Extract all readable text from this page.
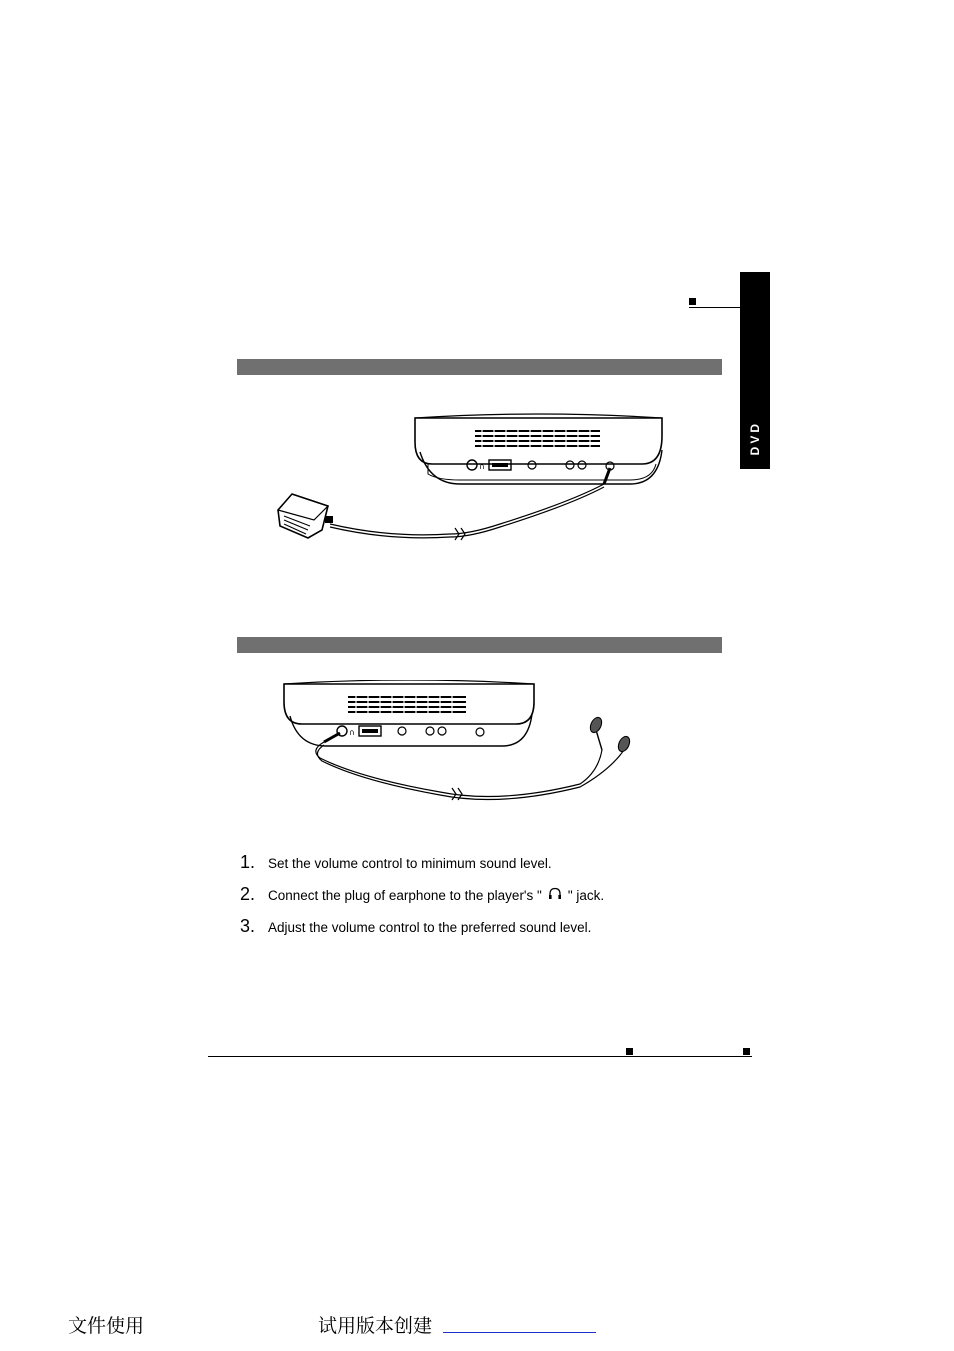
DVD
∩
∩
1. Set the volume control to minimum sound level.
2. Connect the plug of earphone to the player's " " jack.
3. Adjust the volume control to the preferred sound level.
文件使用	试用版本创建
